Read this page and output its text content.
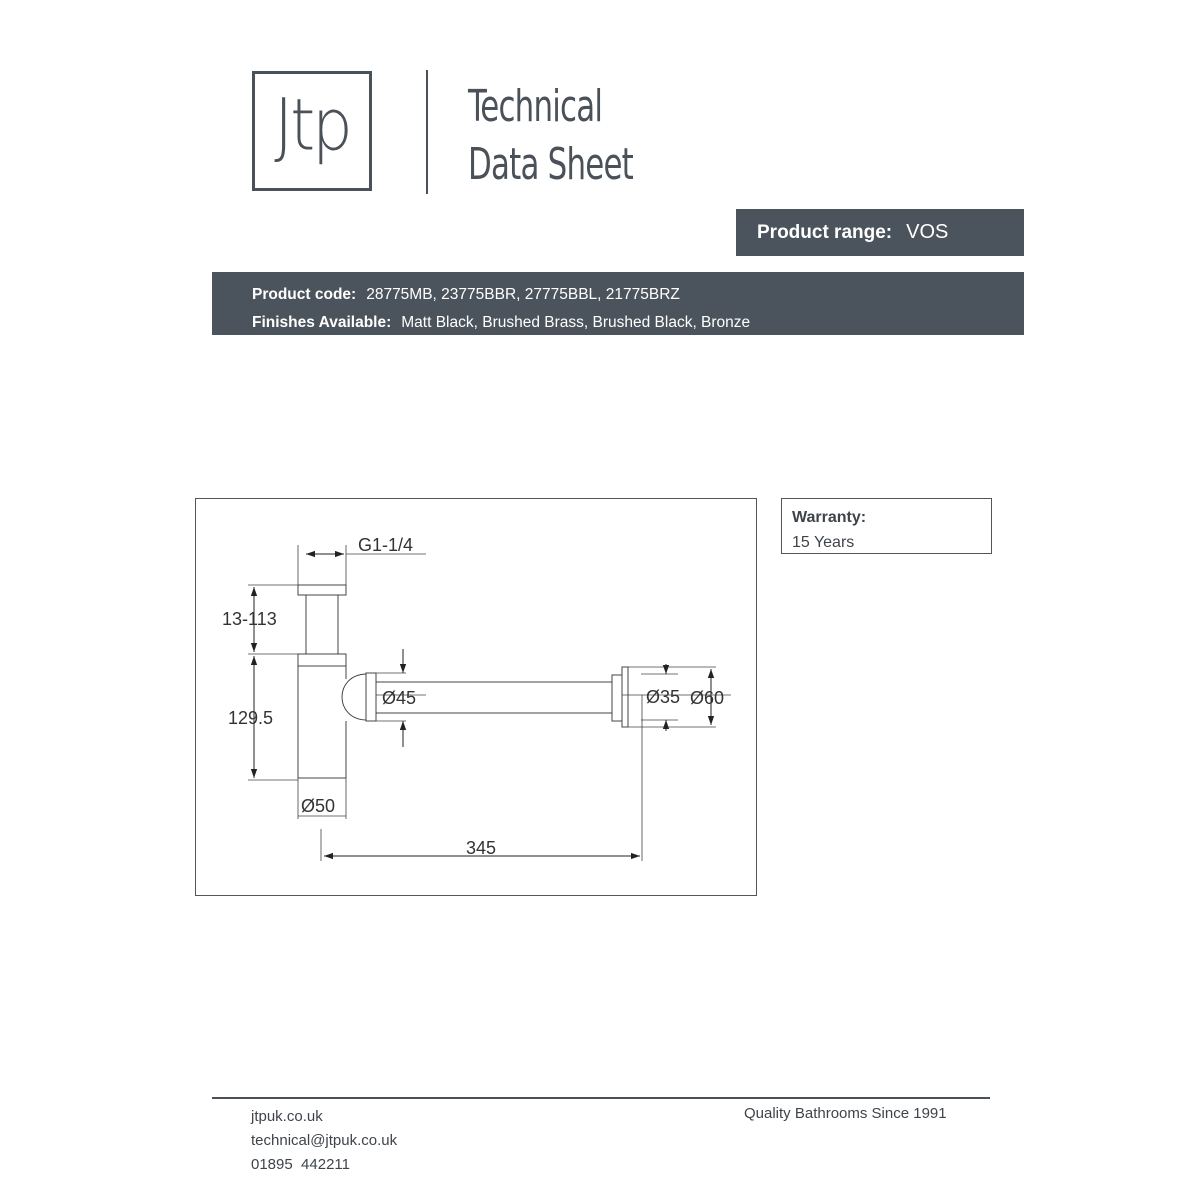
Jtp	Technical
Data Sheet
Product range: VOS
Product code: 28775MB, 23775BBR, 27775BBL, 21775BRZ
Finishes Available: Matt Black, Brushed Brass, Brushed Black, Bronze
G1-1/4
13-113
129.5
Ø45	Ø35 Ø60
Ø50
345
Warranty:
15 Years
jtpuk.co.uk
technical@jtpuk.co.uk
01895  442211
Quality Bathrooms Since 1991
